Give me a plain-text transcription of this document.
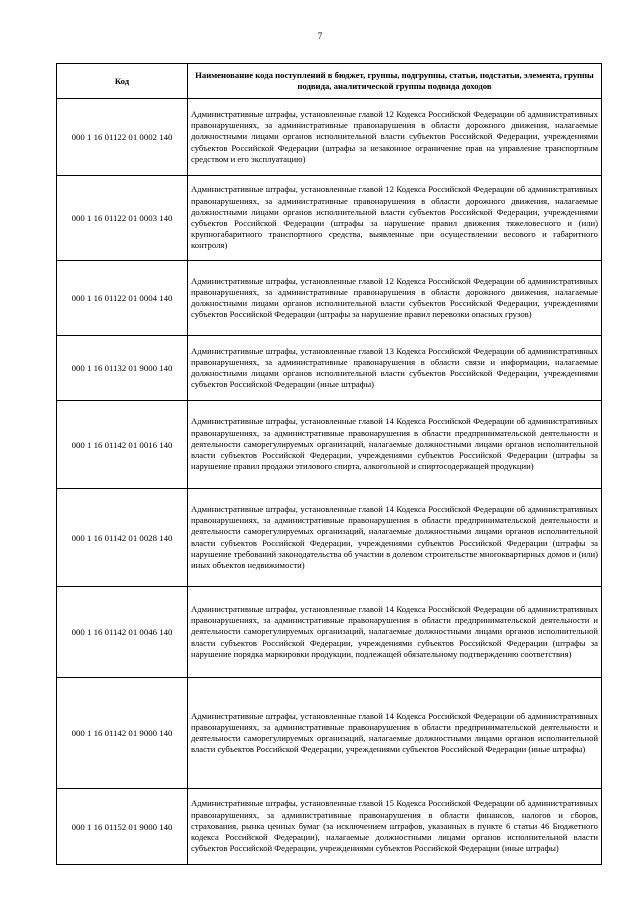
7
Код	Наименование кода поступлений в бюджет, группы, подгруппы, статьи, подстатьи, элемента, группы подвида, аналитической группы подвида доходов
000 1 16 01122 01 0002 140	Административные штрафы, установленные главой 12 Кодекса Российской Федерации об административных правонарушениях, за административные правонарушения в области дорожного движения, налагаемые должностными лицами органов исполнительной власти субъектов Российской Федерации, учреждениями субъектов Российской Федерации (штрафы за незаконное ограничение прав на управление транспортным средством и его эксплуатацию)
000 1 16 01122 01 0003 140	Административные штрафы, установленные главой 12 Кодекса Российской Федерации об административных правонарушениях, за административные правонарушения в области дорожного движения, налагаемые должностными лицами органов исполнительной власти субъектов Российской Федерации, учреждениями субъектов Российской Федерации (штрафы за нарушение правил движения тяжеловесного и (или) крупногабаритного транспортного средства, выявленные при осуществлении весового и габаритного контроля)
000 1 16 01122 01 0004 140	Административные штрафы, установленные главой 12 Кодекса Российской Федерации об административных правонарушениях, за административные правонарушения в области дорожного движения, налагаемые должностными лицами органов исполнительной власти субъектов Российской Федерации, учреждениями субъектов Российской Федерации (штрафы за нарушение правил перевозки опасных грузов)
000 1 16 01132 01 9000 140	Административные штрафы, установленные главой 13 Кодекса Российской Федерации об административных правонарушениях, за административные правонарушения в области связи и информации, налагаемые должностными лицами органов исполнительной власти субъектов Российской Федерации, учреждениями субъектов Российской Федерации (иные штрафы)
000 1 16 01142 01 0016 140	Административные штрафы, установленные главой 14 Кодекса Российской Федерации об административных правонарушениях, за административные правонарушения в области предпринимательской деятельности и деятельности саморегулируемых организаций, налагаемые должностными лицами органов исполнительной власти субъектов Российской Федерации, учреждениями субъектов Российской Федерации (штрафы за нарушение правил продажи этилового спирта, алкогольной и спиртосодержащей продукции)
000 1 16 01142 01 0028 140	Административные штрафы, установленные главой 14 Кодекса Российской Федерации об административных правонарушениях, за административные правонарушения в области предпринимательской деятельности и деятельности саморегулируемых организаций, налагаемые должностными лицами органов исполнительной власти субъектов Российской Федерации, учреждениями субъектов Российской Федерации (штрафы за нарушение требований законодательства об участии в долевом строительстве многоквартирных домов и (или) иных объектов недвижимости)
000 1 16 01142 01 0046 140	Административные штрафы, установленные главой 14 Кодекса Российской Федерации об административных правонарушениях, за административные правонарушения в области предпринимательской деятельности и деятельности саморегулируемых организаций, налагаемые должностными лицами органов исполнительной власти субъектов Российской Федерации, учреждениями субъектов Российской Федерации (штрафы за нарушение порядка маркировки продукции, подлежащей обязательному подтверждению соответствия)
000 1 16 01142 01 9000 140	Административные штрафы, установленные главой 14 Кодекса Российской Федерации об административных правонарушениях, за административные правонарушения в области предпринимательской деятельности и деятельности саморегулируемых организаций, налагаемые должностными лицами органов исполнительной власти субъектов Российской Федерации, учреждениями субъектов Российской Федерации (иные штрафы)
000 1 16 01152 01 9000 140	Административные штрафы, установленные главой 15 Кодекса Российской Федерации об административных правонарушениях, за административные правонарушения в области финансов, налогов и сборов, страхования, рынка ценных бумаг (за исключением штрафов, указанных в пункте 6 статьи 46 Бюджетного кодекса Российской Федерации), налагаемые должностными лицами органов исполнительной власти субъектов Российской Федерации, учреждениями субъектов Российской Федерации (иные штрафы)
